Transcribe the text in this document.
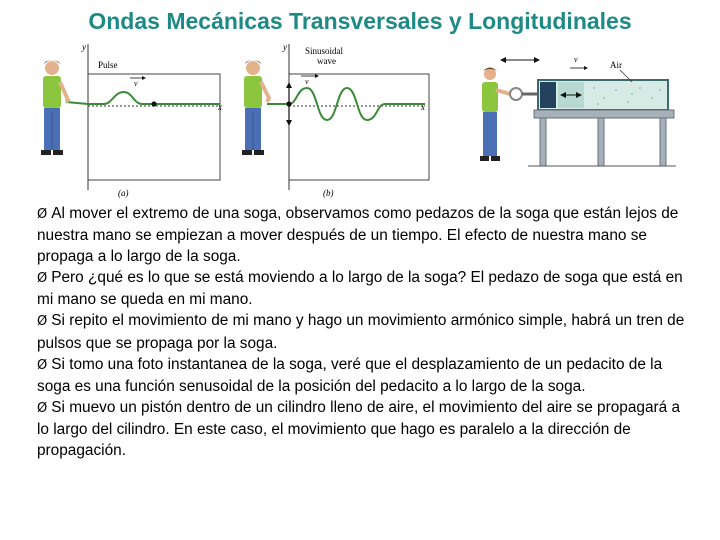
Ondas Mecánicas Transversales y Longitudinales
y
x
Pulse
v
(a)
y
x
Sinusoidal
wave
v
(b)
Air
v

Ø Al mover el extremo de una soga, observamos como pedazos de la soga que están lejos de nuestra mano se empiezan a mover después de un tiempo. El efecto de nuestra mano se propaga a lo largo de la soga.

Ø Pero ¿qué es lo que se está moviendo a lo largo de la soga? El pedazo de soga que está en mi mano se queda en mi mano.

Ø Si repito el movimiento de mi mano y hago un movimiento armónico simple, habrá un tren de pulsos que se propaga por la soga.

Ø Si tomo una foto instantanea de la soga, veré que el desplazamiento de un pedacito de la soga es una función senusoidal de la posición del pedacito a lo largo de la soga.

Ø Si muevo un pistón dentro de un cilindro lleno de aire, el movimiento del aire se propagará a lo largo del cilindro. En este caso, el movimiento que hago es paralelo a la dirección de propagación.
